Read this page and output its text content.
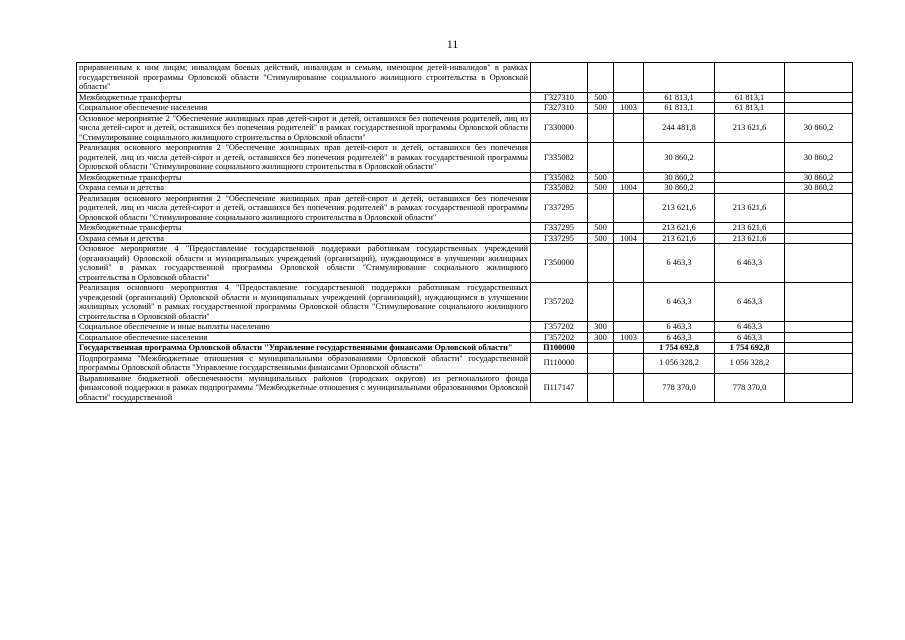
11
приравненным к ним лицам; инвалидам боевых действий, инвалидам и семьям, имеющим детей-инвалидов" в рамках государственной программы Орловской области "Стимулирование социального жилищного строительства в Орловской области"						
Межбюджетные трансферты	Г327310	500		61 813,1	61 813,1	
Социальное обеспечение населения	Г327310	500	1003	61 813,1	61 813,1	
Основное мероприятие 2 "Обеспечение жилищных прав детей-сирот и детей, оставшихся без попечения родителей, лиц из числа детей-сирот и детей, оставшихся без попечения родителей" в рамках государственной программы Орловской области "Стимулирование социального жилищного строительства в Орловской области"	Г330000			244 481,8	213 621,6	30 860,2
Реализация основного мероприятия 2 "Обеспечение жилищных прав детей-сирот и детей, оставшихся без попечения родителей, лиц из числа детей-сирот и детей, оставшихся без попечения родителей" в рамках государственной программы Орловской области "Стимулирование социального жилищного строительства в Орловской области"	Г335082			30 860,2		30 860,2
Межбюджетные трансферты	Г335082	500		30 860,2		30 860,2
Охрана семьи и детства	Г335082	500	1004	30 860,2		30 860,2
Реализация основного мероприятия 2 "Обеспечение жилищных прав детей-сирот и детей, оставшихся без попечения родителей, лиц из числа детей-сирот и детей, оставшихся без попечения родителей" в рамках государственной программы Орловской области "Стимулирование социального жилищного строительства в Орловской области"	Г337295			213 621,6	213 621,6	
Межбюджетные трансферты	Г337295	500		213 621,6	213 621,6	
Охрана семьи и детства	Г337295	500	1004	213 621,6	213 621,6	
Основное мероприятие 4 "Предоставление государственной поддержки работникам государственных учреждений (организаций) Орловской области и муниципальных учреждений (организаций), нуждающимся в улучшении жилищных условий" в рамках государственной программы Орловской области "Стимулирование социального жилищного строительства в Орловской области"	Г350000			6 463,3	6 463,3	
Реализация основного мероприятия 4 "Предоставление государственной поддержки работникам государственных учреждений (организаций) Орловской области и муниципальных учреждений (организаций), нуждающимся в улучшении жилищных условий" в рамках государственной программы Орловской области "Стимулирование социального жилищного строительства в Орловской области"	Г357202			6 463,3	6 463,3	
Социальное обеспечение и иные выплаты населению	Г357202	300		6 463,3	6 463,3	
Социальное обеспечение населения	Г357202	300	1003	6 463,3	6 463,3	
Государственная программа Орловской области "Управление государственными финансами Орловской области"	П100000			1 754 692,8	1 754 692,8	
Подпрограмма "Межбюджетные отношения с муниципальными образованиями Орловской области" государственной программы Орловской области "Управление государственными финансами Орловской области"	П110000			1 056 328,2	1 056 328,2	
Выравнивание бюджетной обеспеченности муниципальных районов (городских округов) из регионального фонда финансовой поддержки в рамках подпрограммы "Межбюджетные отношения с муниципальными образованиями Орловской области" государственной	П117147			778 370,0	778 370,0	
